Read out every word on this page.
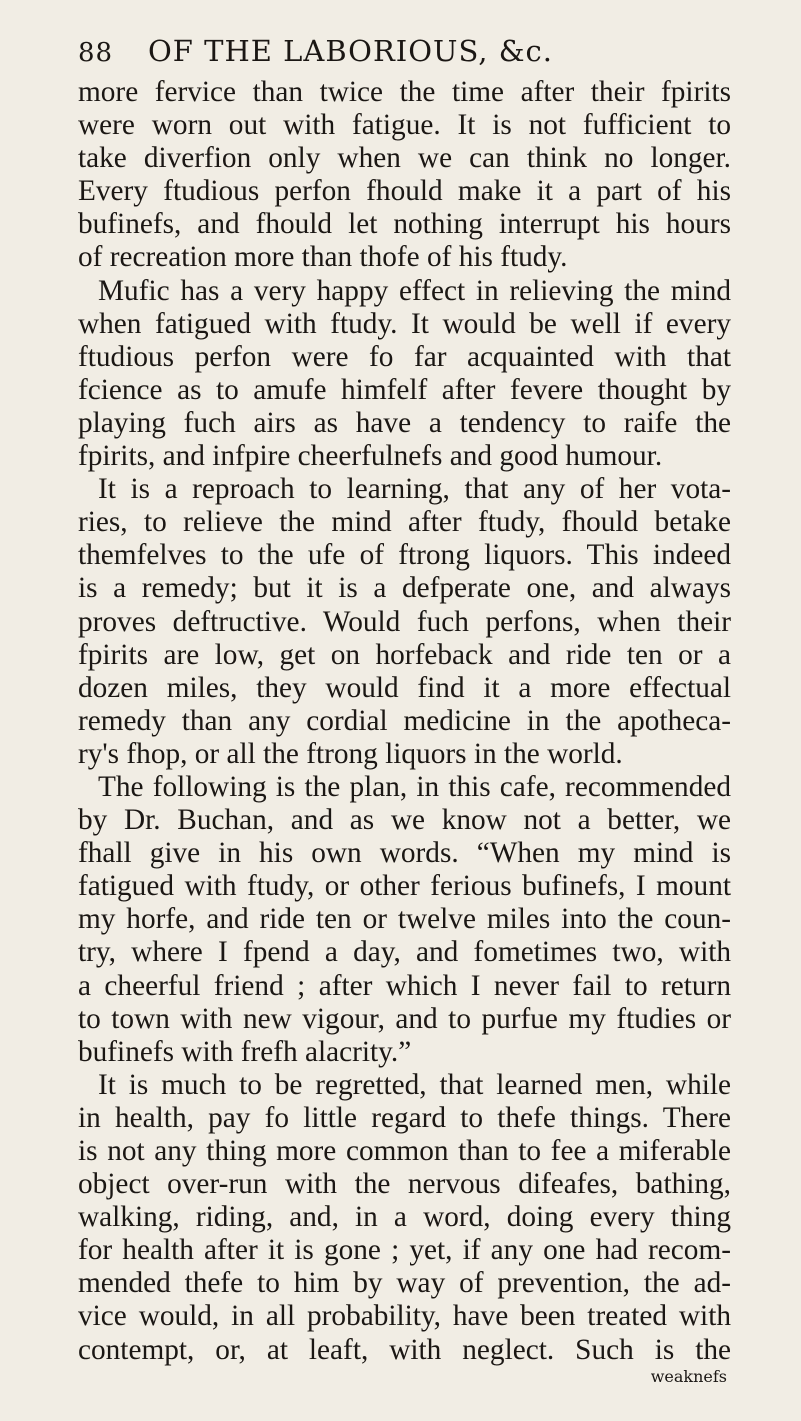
88	OF THE LABORIOUS, &c.
more fervice than twice the time after their fpirits
were worn out with fatigue. It is not fufficient to
take diverfion only when we can think no longer.
Every ftudious perfon fhould make it a part of his
bufinefs, and fhould let nothing interrupt his hours
of recreation more than thofe of his ftudy.
Mufic has a very happy effect in relieving the mind
when fatigued with ftudy. It would be well if every
ftudious perfon were fo far acquainted with that
fcience as to amufe himfelf after fevere thought by
playing fuch airs as have a tendency to raife the
fpirits, and infpire cheerfulnefs and good humour.
It is a reproach to learning, that any of her vota-
ries, to relieve the mind after ftudy, fhould betake
themfelves to the ufe of ftrong liquors. This indeed
is a remedy; but it is a defperate one, and always
proves deftructive. Would fuch perfons, when their
fpirits are low, get on horfeback and ride ten or a
dozen miles, they would find it a more effectual
remedy than any cordial medicine in the apotheca-
ry's fhop, or all the ftrong liquors in the world.
The following is the plan, in this cafe, recommended
by Dr. Buchan, and as we know not a better, we
fhall give in his own words. “When my mind is
fatigued with ftudy, or other ferious bufinefs, I mount
my horfe, and ride ten or twelve miles into the coun-
try, where I fpend a day, and fometimes two, with
a cheerful friend ; after which I never fail to return
to town with new vigour, and to purfue my ftudies or
bufinefs with frefh alacrity.”
It is much to be regretted, that learned men, while
in health, pay fo little regard to thefe things. There
is not any thing more common than to fee a miferable
object over-run with the nervous difeafes, bathing,
walking, riding, and, in a word, doing every thing
for health after it is gone ; yet, if any one had recom-
mended thefe to him by way of prevention, the ad-
vice would, in all probability, have been treated with
contempt, or, at leaft, with neglect. Such is the
weaknefs
